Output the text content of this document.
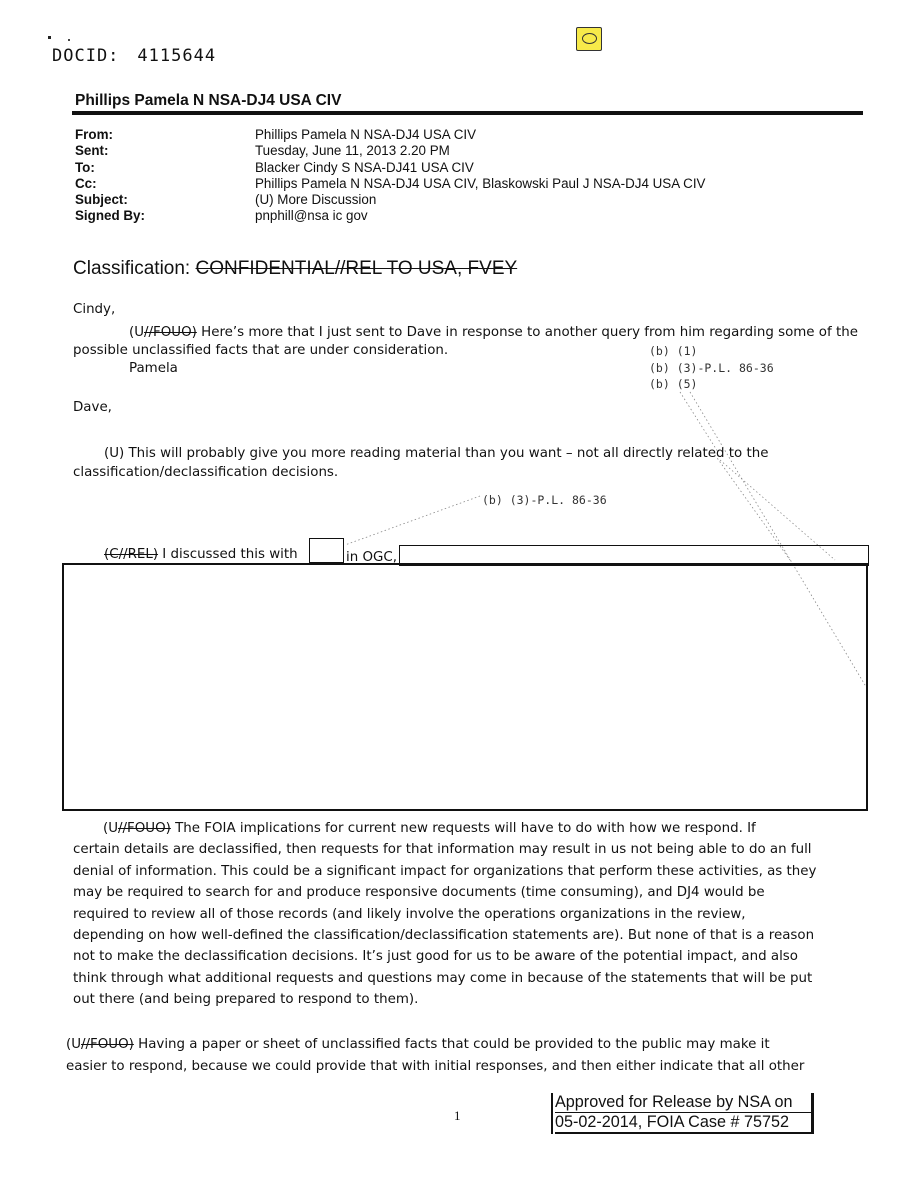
DOCID: 4115644
Phillips Pamela N NSA-DJ4 USA CIV
From:	Phillips Pamela N NSA-DJ4 USA CIV
Sent:	Tuesday, June 11, 2013 2.20 PM
To:	Blacker Cindy S NSA-DJ41 USA CIV
Cc:	Phillips Pamela N NSA-DJ4 USA CIV, Blaskowski Paul J NSA-DJ4 USA CIV
Subject:	(U) More Discussion
Signed By:	pnphill@nsa ic gov
Classification: CONFIDENTIAL//REL TO USA, FVEY
Cindy,
(U//FOUO) Here’s more that I just sent to Dave in response to another query from him regarding some of the
possible unclassified facts that are under consideration.
Pamela
(b) (1)
(b) (3)-P.L. 86-36
(b) (5)
Dave,
(U) This will probably give you more reading material than you want – not all directly related to the
classification/declassification decisions.
(b) (3)-P.L. 86-36
(C//REL) I discussed this with	in OGC,
(U//FOUO) The FOIA implications for current new requests will have to do with how we respond. If
certain details are declassified, then requests for that information may result in us not being able to do an full
denial of information. This could be a significant impact for organizations that perform these activities, as they
may be required to search for and produce responsive documents (time consuming), and DJ4 would be
required to review all of those records (and likely involve the operations organizations in the review,
depending on how well-defined the classification/declassification statements are). But none of that is a reason
not to make the declassification decisions. It’s just good for us to be aware of the potential impact, and also
think through what additional requests and questions may come in because of the statements that will be put
out there (and being prepared to respond to them).
(U//FOUO) Having a paper or sheet of unclassified facts that could be provided to the public may make it
easier to respond, because we could provide that with initial responses, and then either indicate that all other
1
Approved for Release by NSA on
05-02-2014, FOIA Case # 75752
